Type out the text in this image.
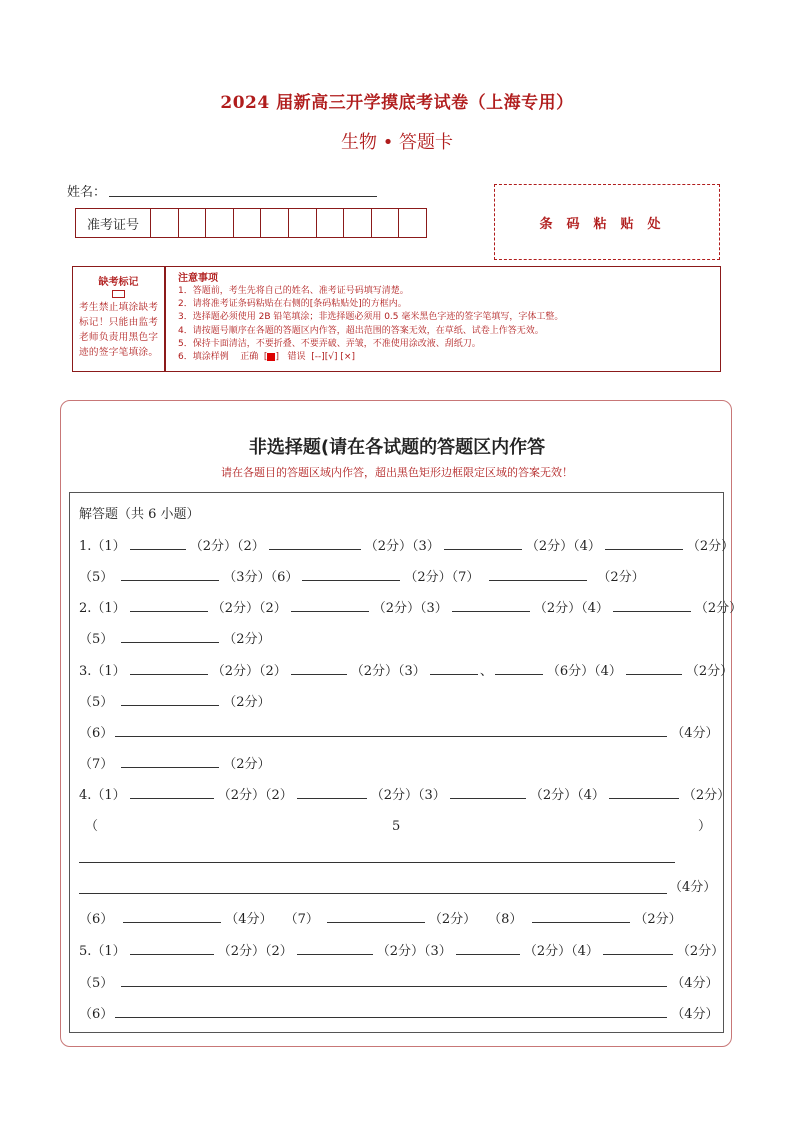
2024 届新高三开学摸底考试卷（上海专用）
生物 • 答题卡
姓名：
准考证号	条码粘贴处
缺考标记
考生禁止填涂缺考标记！只能由监考老师负责用黑色字迹的签字笔填涂。
注意事项
1．答题前，考生先将自己的姓名、准考证号码填写清楚。
2．请将准考证条码粘贴在右侧的[条码粘贴处]的方框内。
3．选择题必须使用 2B 铅笔填涂；非选择题必须用 0.5 毫米黑色字迹的签字笔填写，字体工整。
4．请按题号顺序在各题的答题区内作答，超出范围的答案无效，在草纸、试卷上作答无效。
5．保持卡面清洁，不要折叠、不要弄破、弄皱，不准使用涂改液、刮纸刀。
6．填涂样例 正确  [ ]   错误 [--][√] [×]
非选择题(请在各试题的答题区内作答
请在各题目的答题区域内作答，超出黑色矩形边框限定区域的答案无效！
解答题（共 6 小题）
1.（1）	（2分）（2）	（2分）（3）	（2分）（4）	（2分）
（5）	（3分）（6）	（2分）（7）	（2分）
2.（1）	（2分）（2）	（2分）（3）	（2分）（4）	（2分）
（5）	（2分）
3.（1）	（2分）（2）	（2分）（3）	、	（6分）（4）	（2分）
（5）	（2分）
（6）	（4分）
（7）	（2分）
4.（1）	（2分）（2）	（2分）（3）	（2分）（4）	（2分）
（	5	）
（4分）
（6）	（4分） （7）	（2分） （8）	（2分）
5.（1）	（2分）（2）	（2分）（3）	（2分）（4）	（2分）
（5）	（4分）
（6）	（4分）
